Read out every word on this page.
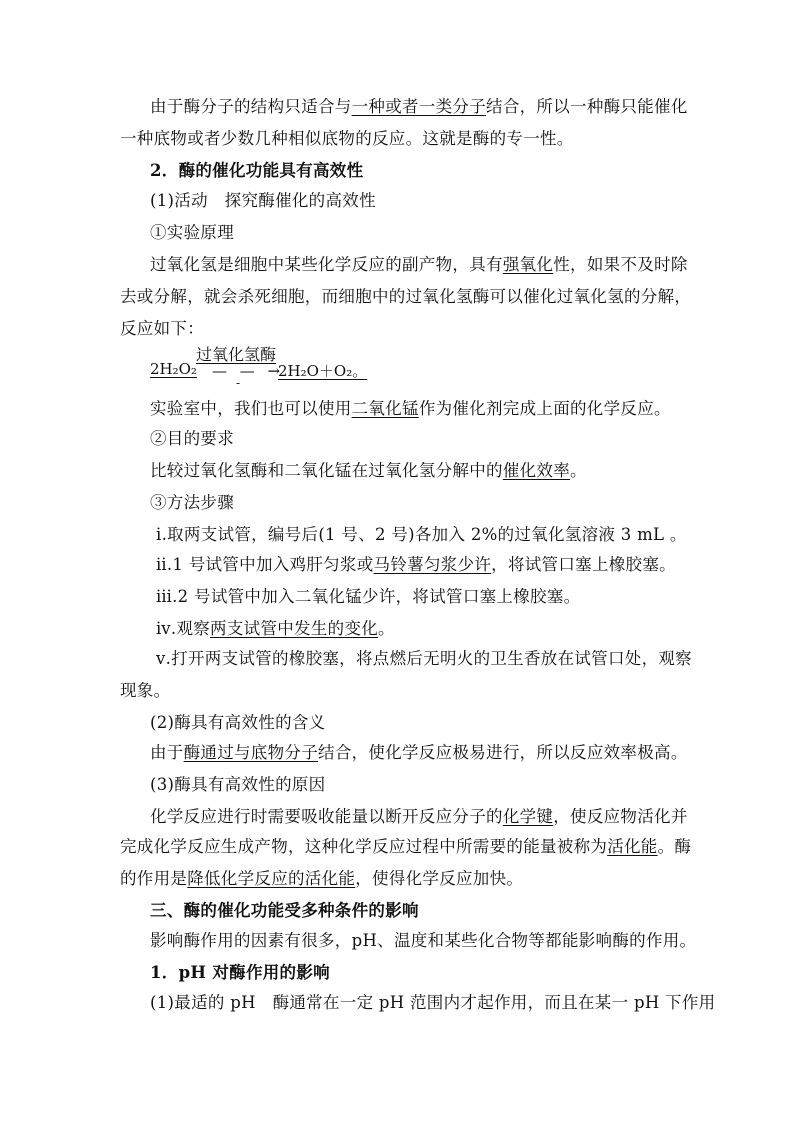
由于酶分子的结构只适合与一种或者一类分子结合，所以一种酶只能催化
一种底物或者少数几种相似底物的反应。这就是酶的专一性。
2．酶的催化功能具有高效性
(1)活动　探究酶催化的高效性
①实验原理
过氧化氢是细胞中某些化学反应的副产物，具有强氧化性，如果不及时除
去或分解，就会杀死细胞，而细胞中的过氧化氢酶可以催化过氧化氢的分解，
反应如下：
过氧化氢酶
2H₂O₂ — — →
-
2H₂O＋O₂。
实验室中，我们也可以使用二氧化锰作为催化剂完成上面的化学反应。
②目的要求
比较过氧化氢酶和二氧化锰在过氧化氢分解中的催化效率。
③方法步骤
ⅰ.取两支试管，编号后(1 号、2 号)各加入 2%的过氧化氢溶液 3 mL 。
ⅱ.1 号试管中加入鸡肝匀浆或马铃薯匀浆少许，将试管口塞上橡胶塞。
ⅲ.2 号试管中加入二氧化锰少许，将试管口塞上橡胶塞。
ⅳ.观察两支试管中发生的变化。
ⅴ.打开两支试管的橡胶塞，将点燃后无明火的卫生香放在试管口处，观察
现象。
(2)酶具有高效性的含义
由于酶通过与底物分子结合，使化学反应极易进行，所以反应效率极高。
(3)酶具有高效性的原因
化学反应进行时需要吸收能量以断开反应分子的化学键，使反应物活化并
完成化学反应生成产物，这种化学反应过程中所需要的能量被称为活化能。酶
的作用是降低化学反应的活化能，使得化学反应加快。
三、酶的催化功能受多种条件的影响
影响酶作用的因素有很多，pH、温度和某些化合物等都能影响酶的作用。
1．pH 对酶作用的影响
(1)最适的 pH　酶通常在一定 pH 范围内才起作用，而且在某一 pH 下作用
